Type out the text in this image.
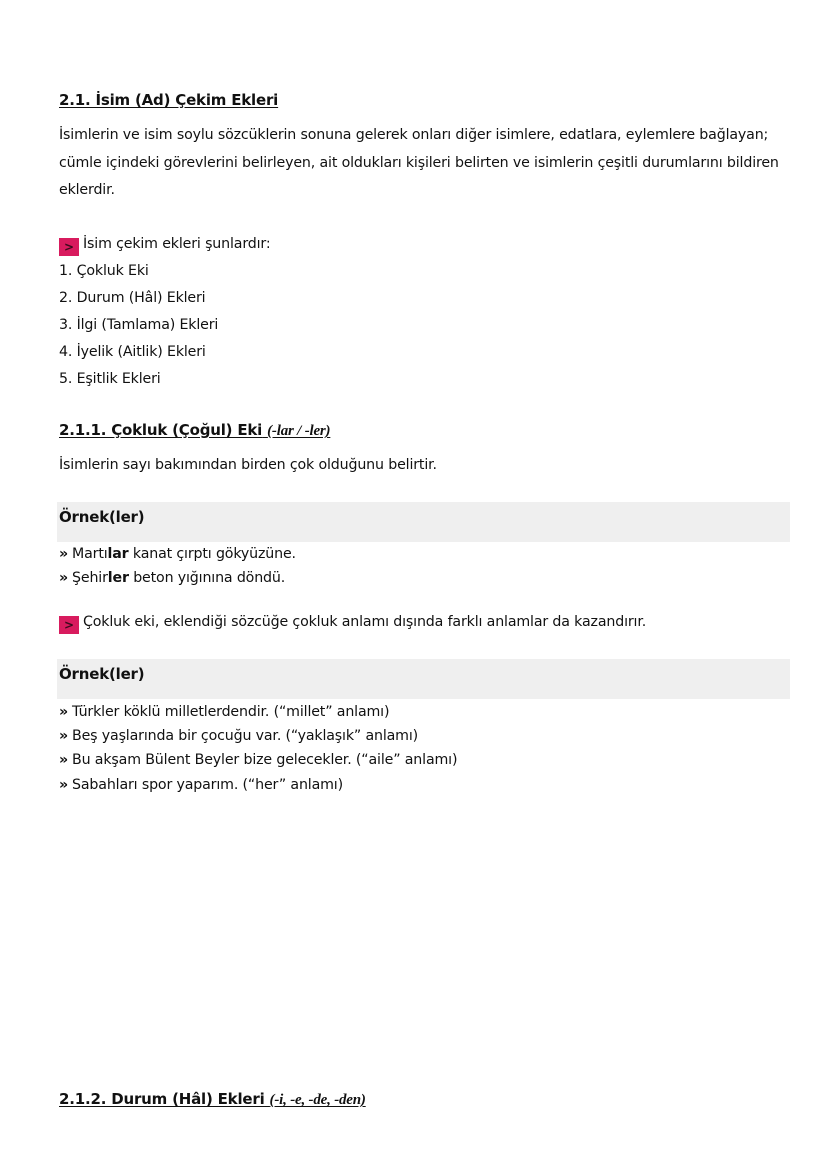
2.1. İsim (Ad) Çekim Ekleri
İsimlerin ve isim soylu sözcüklerin sonuna gelerek onları diğer isimlere, edatlara, eylemlere bağlayan; cümle içindeki görevlerini belirleyen, ait oldukları kişileri belirten ve isimlerin çeşitli durumlarını bildiren eklerdir.
> İsim çekim ekleri şunlardır:
1. Çokluk Eki
2. Durum (Hâl) Ekleri
3. İlgi (Tamlama) Ekleri
4. İyelik (Aitlik) Ekleri
5. Eşitlik Ekleri
2.1.1. Çokluk (Çoğul) Eki (-lar / -ler)
İsimlerin sayı bakımından birden çok olduğunu belirtir.
Örnek(ler)
» Martılar kanat çırptı gökyüzüne.
» Şehirler beton yığınına döndü.
> Çokluk eki, eklendiği sözcüğe çokluk anlamı dışında farklı anlamlar da kazandırır.
Örnek(ler)
» Türkler köklü milletlerdendir. (“millet” anlamı)
» Beş yaşlarında bir çocuğu var. (“yaklaşık” anlamı)
» Bu akşam Bülent Beyler bize gelecekler. (“aile” anlamı)
» Sabahları spor yaparım. (“her” anlamı)
2.1.2. Durum (Hâl) Ekleri (-i, -e, -de, -den)
